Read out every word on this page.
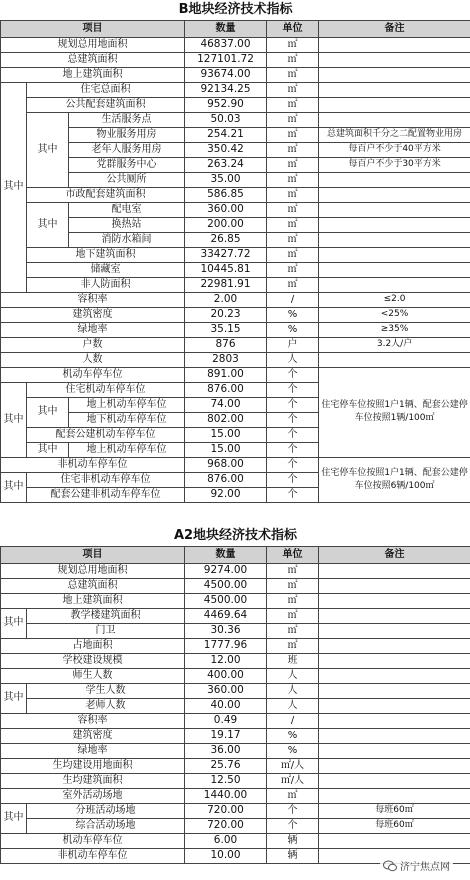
B地块经济技术指标					
项目			数量	单位	备注
规划总用地面积			46837.00	㎡	
总建筑面积			127101.72	㎡	
地上建筑面积			93674.00	㎡	
其中	住宅总面积		92134.25	㎡	
	公共配套建筑面积		952.90	㎡	
	其中	生活服务点	50.03	㎡	
		物业服务用房	254.21	㎡	总建筑面积千分之二配置物业用房
		老年人服务用房	350.42	㎡	每百户不少于40平方米
		党群服务中心	263.24	㎡	每百户不少于30平方米
		公共厕所	35.00	㎡	
	市政配套建筑面积		586.85	㎡	
	其中	配电室	360.00	㎡	
		换热站	200.00	㎡	
		消防水箱间	26.85	㎡	
	地下建筑面积		33427.72	㎡	
	储藏室		10445.81	㎡	
	非人防面积		22981.91	㎡	
容积率			2.00	/	≤2.0
建筑密度			20.23	%	<25%
绿地率			35.15	%	≥35%
户数			876	户	3.2人/户
人数			2803	人	
机动车停车位			891.00	个	住宅停车位按照1户1辆、配套公建停车位按照1辆/100㎡
其中	住宅机动车停车位		876.00	个	
	其中	地上机动车停车位	74.00	个	
		地下机动车停车位	802.00	个	
	配套公建机动车停车位		15.00	个	
	其中	地上机动车停车位	15.00	个	
非机动车停车位			968.00	个	住宅停车位按照1户1辆、配套公建停车位按照6辆/100㎡
其中	住宅非机动车停车位		876.00	个	
	配套公建非机动车停车位		92.00	个	
A2地块经济技术指标				
项目		数量	单位	备注
规划总用地面积		9274.00	㎡	
总建筑面积		4500.00	㎡	
地上建筑面积		4500.00	㎡	
其中	教学楼建筑面积	4469.64	㎡	
	门卫	30.36	㎡	
占地面积		1777.96	㎡	
学校建设规模		12.00	班	
师生人数		400.00	人	
其中	学生人数	360.00	人	
	老师人数	40.00	人	
容积率		0.49	/	
建筑密度		19.17	%	
绿地率		36.00	%	
生均建设用地面积		25.76	㎡/人	
生均建筑面积		12.50	㎡/人	
室外活动场地		1440.00	㎡	
其中	分班活动场地	720.00	个	每班60㎡
	综合活动场地	720.00	个	每班60㎡
机动车停车位		6.00	辆	
非机动车停车位		10.00	辆	
济宁焦点网
